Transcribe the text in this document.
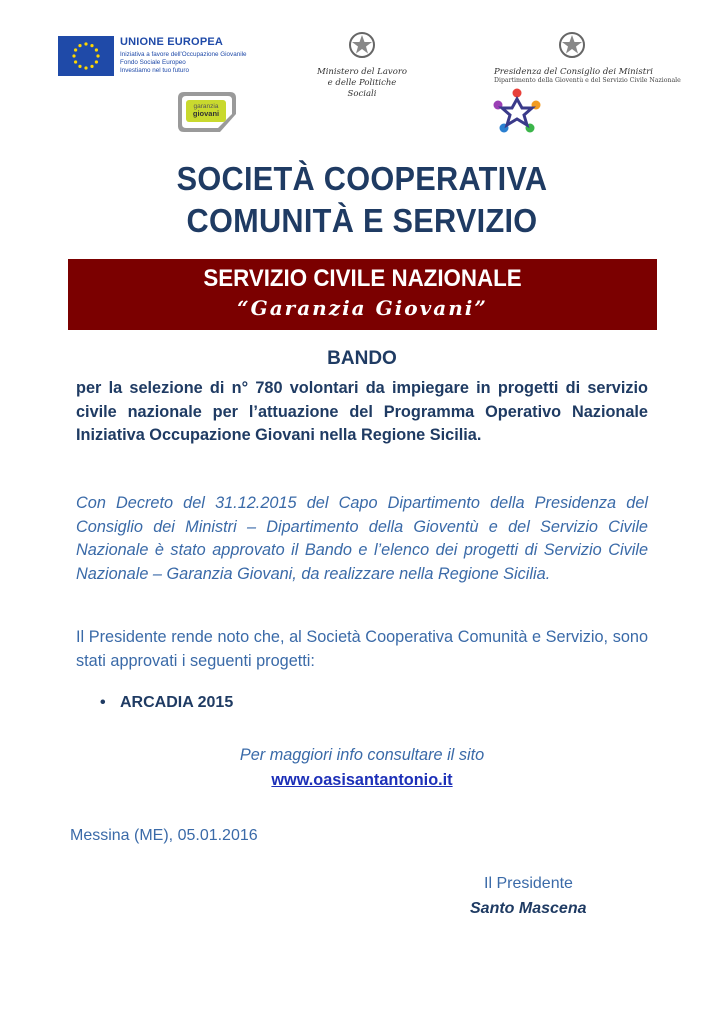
UNIONE EUROPEA
Iniziativa a favore dell'Occupazione Giovanile
Fondo Sociale Europeo
Investiamo nel tuo futuro
garanzia
giovani
Ministero del Lavoro
e delle Politiche Sociali
Presidenza del Consiglio dei Ministri
Dipartimento della Gioventù e del Servizio Civile Nazionale
SOCIETÀ COOPERATIVA
COMUNITÀ E SERVIZIO
SERVIZIO CIVILE NAZIONALE
“Garanzia Giovani”
BANDO
per la selezione di n° 780 volontari da impiegare in progetti di servizio civile nazionale per l’attuazione del Programma Operativo Nazionale Iniziativa Occupazione Giovani nella Regione Sicilia.
Con Decreto del 31.12.2015 del Capo Dipartimento della Presidenza del Consiglio dei Ministri – Dipartimento della Gioventù e del Servizio Civile Nazionale è stato approvato il Bando e l’elenco dei progetti di Servizio Civile Nazionale – Garanzia Giovani, da realizzare nella Regione Sicilia.
Il Presidente rende noto che, al Società Cooperativa Comunità e Servizio, sono stati approvati i seguenti progetti:
• ARCADIA 2015
Per maggiori info consultare il sito
www.oasisantantonio.it
Messina (ME), 05.01.2016
Il Presidente
Santo Mascena
